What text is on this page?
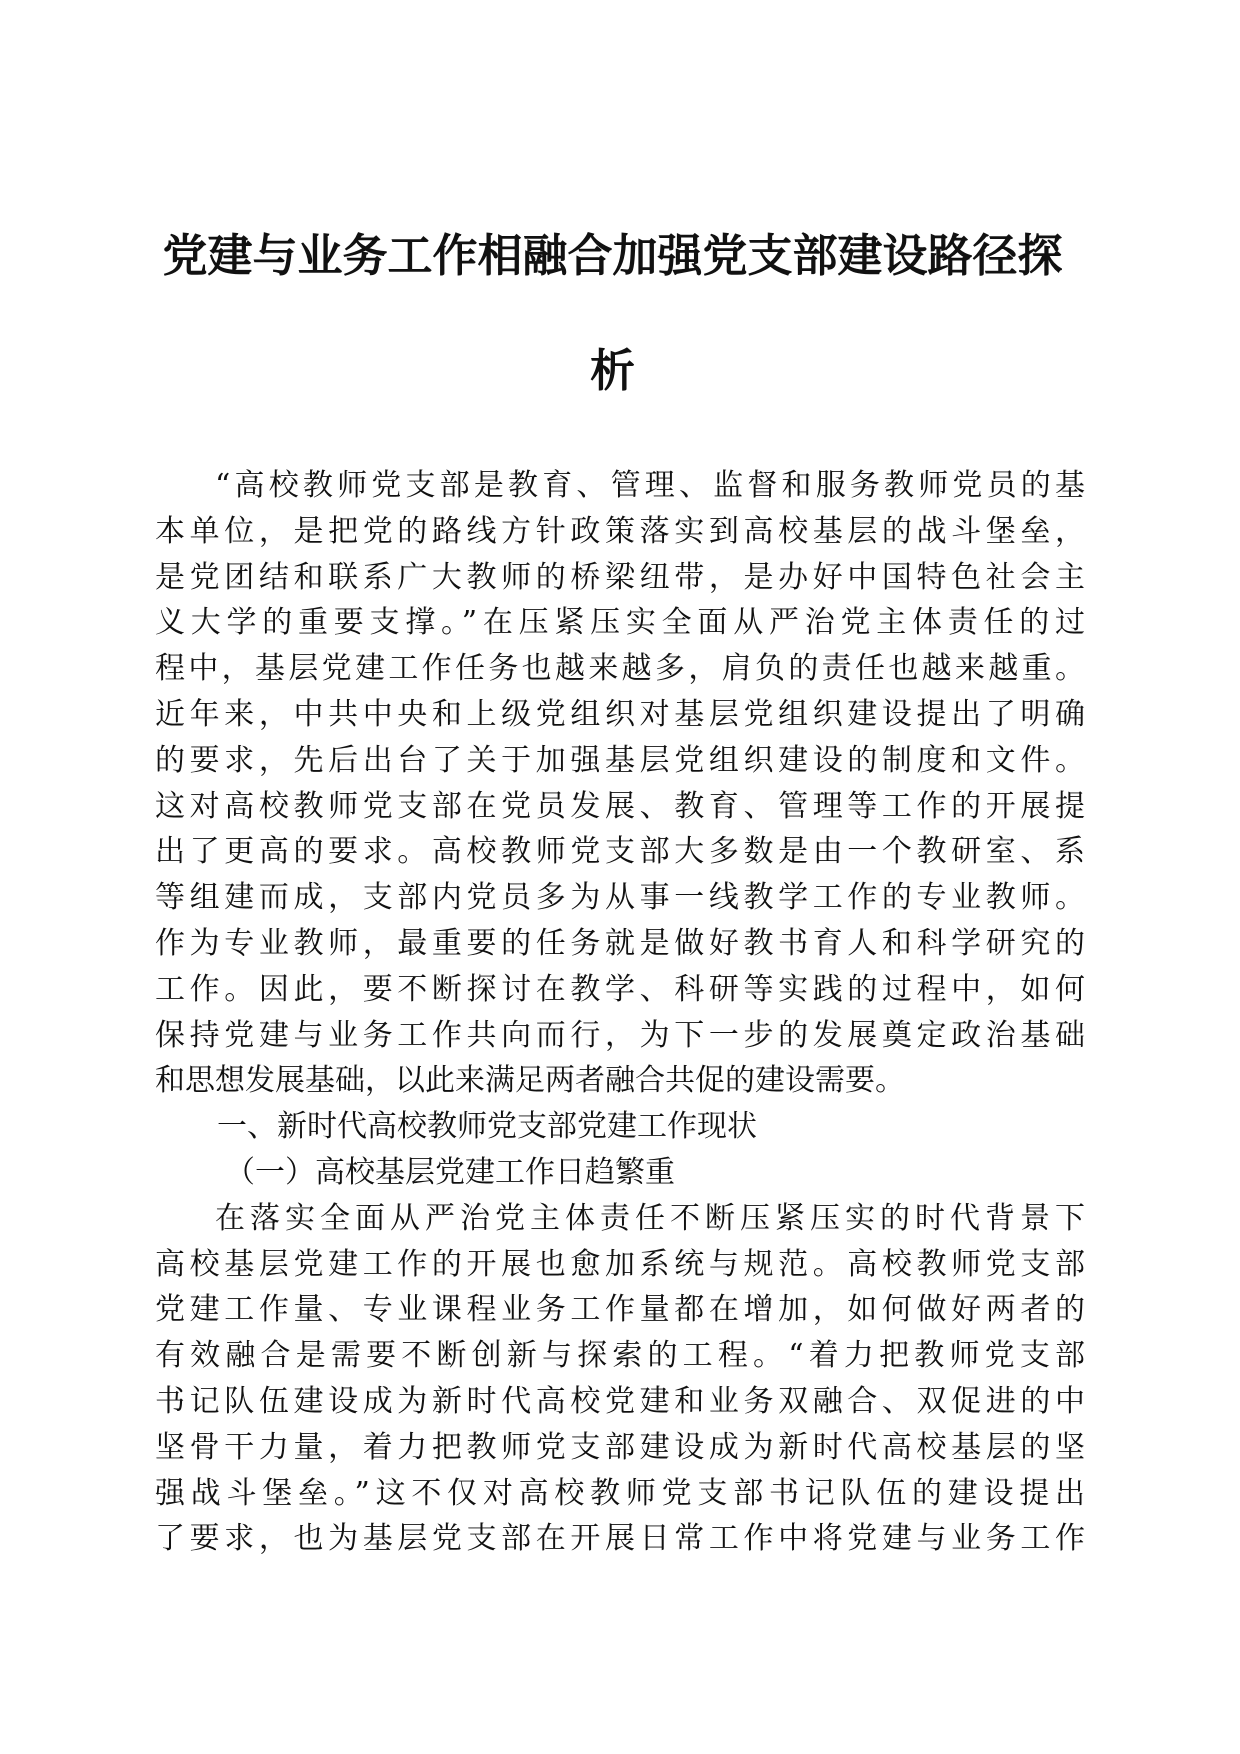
党建与业务工作相融合加强党支部建设路径探
析
“高校教师党支部是教育、管理、监督和服务教师党员的基
本单位，是把党的路线方针政策落实到高校基层的战斗堡垒，
是党团结和联系广大教师的桥梁纽带，是办好中国特色社会主
义大学的重要支撑。”在压紧压实全面从严治党主体责任的过
程中，基层党建工作任务也越来越多，肩负的责任也越来越重。
近年来，中共中央和上级党组织对基层党组织建设提出了明确
的要求，先后出台了关于加强基层党组织建设的制度和文件。
这对高校教师党支部在党员发展、教育、管理等工作的开展提
出了更高的要求。高校教师党支部大多数是由一个教研室、系
等组建而成，支部内党员多为从事一线教学工作的专业教师。
作为专业教师，最重要的任务就是做好教书育人和科学研究的
工作。因此，要不断探讨在教学、科研等实践的过程中，如何
保持党建与业务工作共向而行，为下一步的发展奠定政治基础
和思想发展基础，以此来满足两者融合共促的建设需要。
一、新时代高校教师党支部党建工作现状
（一）高校基层党建工作日趋繁重
在落实全面从严治党主体责任不断压紧压实的时代背景下
高校基层党建工作的开展也愈加系统与规范。高校教师党支部
党建工作量、专业课程业务工作量都在增加，如何做好两者的
有效融合是需要不断创新与探索的工程。“着力把教师党支部
书记队伍建设成为新时代高校党建和业务双融合、双促进的中
坚骨干力量，着力把教师党支部建设成为新时代高校基层的坚
强战斗堡垒。”这不仅对高校教师党支部书记队伍的建设提出
了要求，也为基层党支部在开展日常工作中将党建与业务工作
